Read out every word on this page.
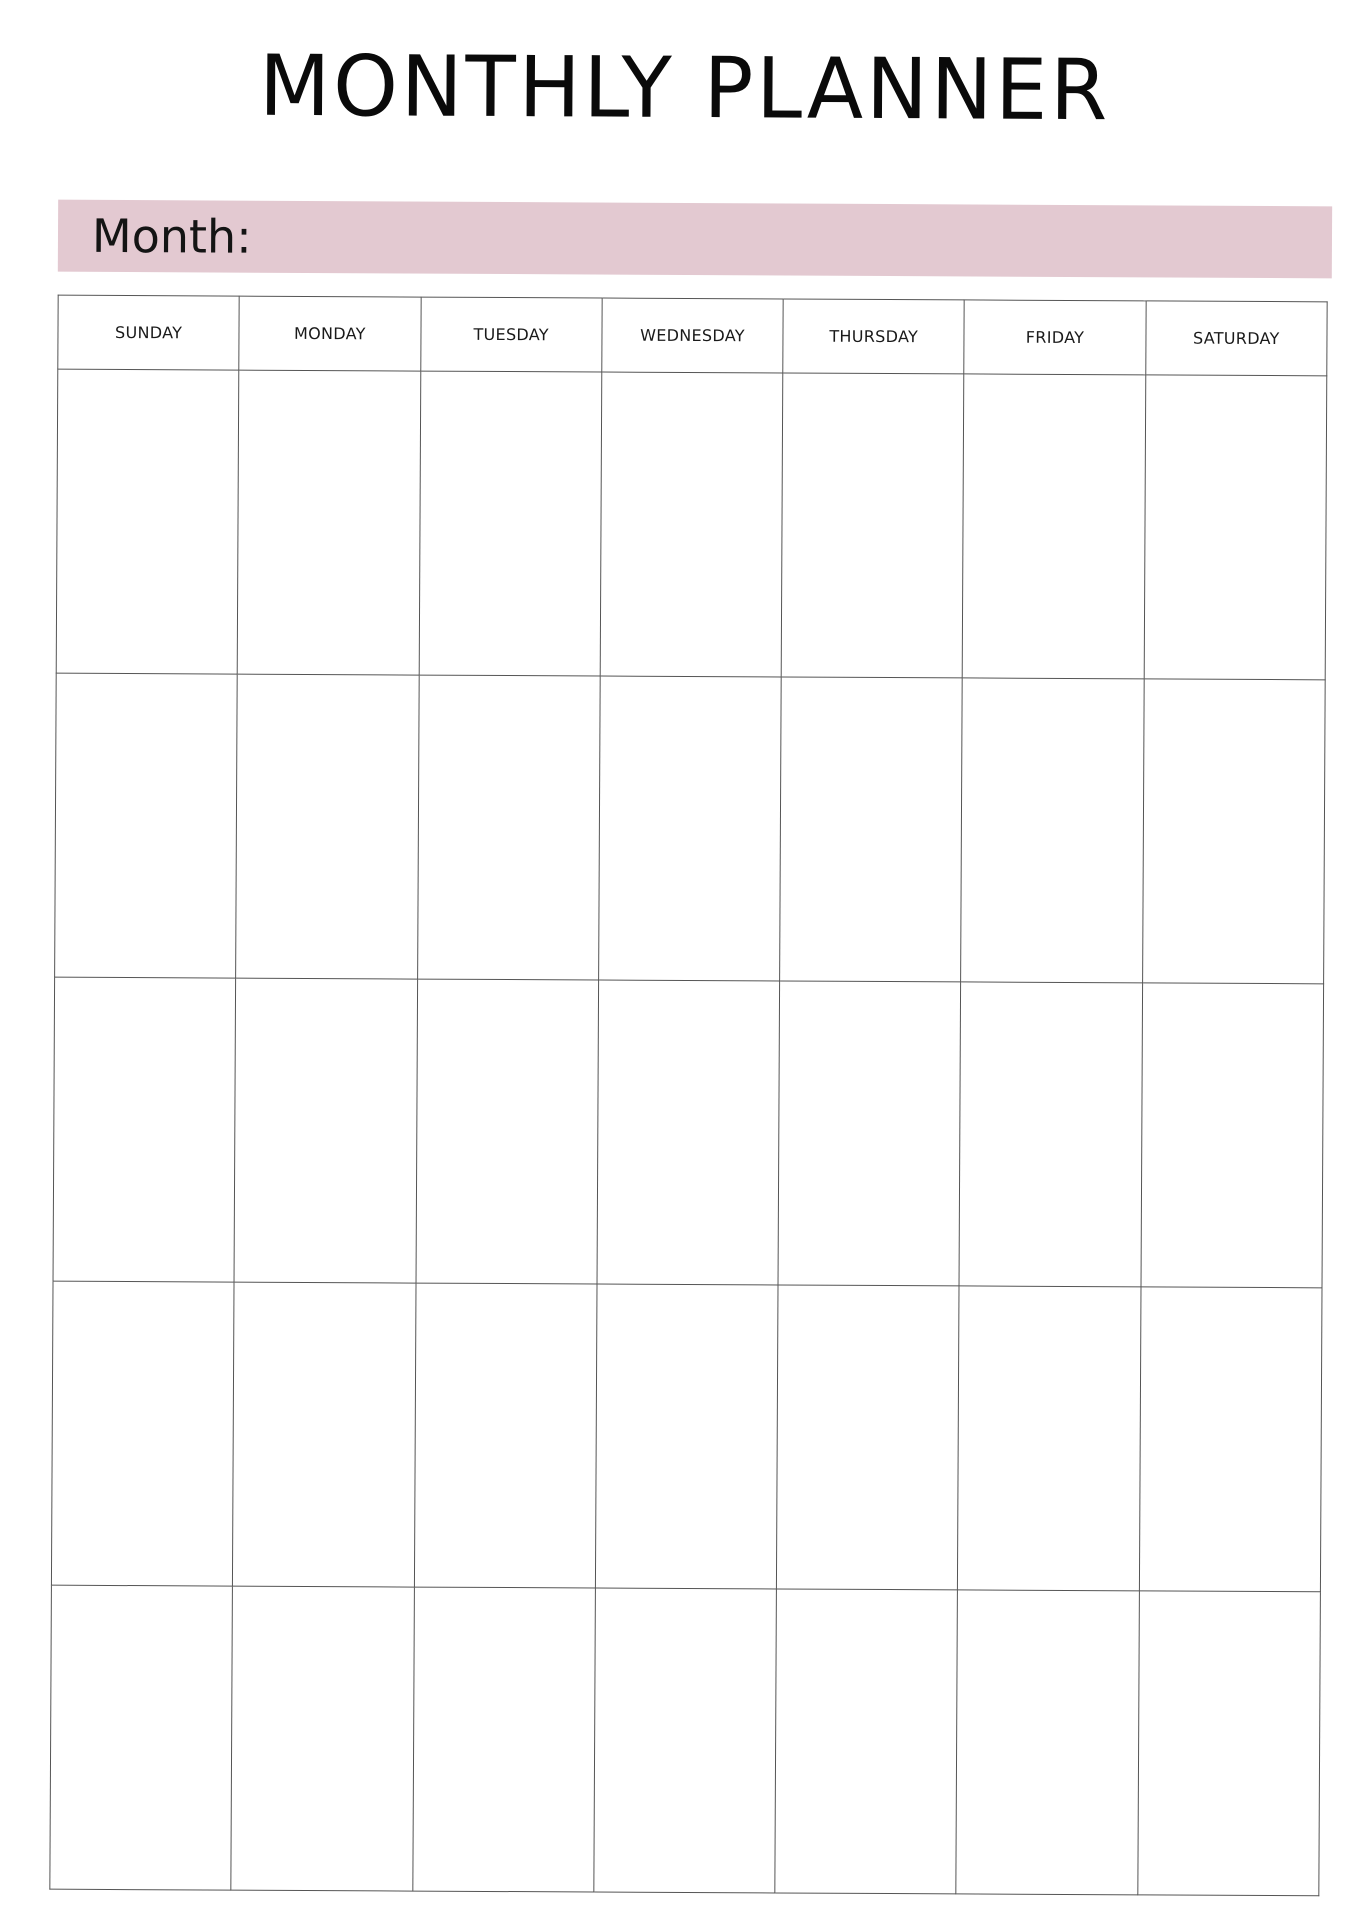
MONTHLY PLANNER
Month:
SUNDAY	MONDAY	TUESDAY	WEDNESDAY	THURSDAY	FRIDAY	SATURDAY
